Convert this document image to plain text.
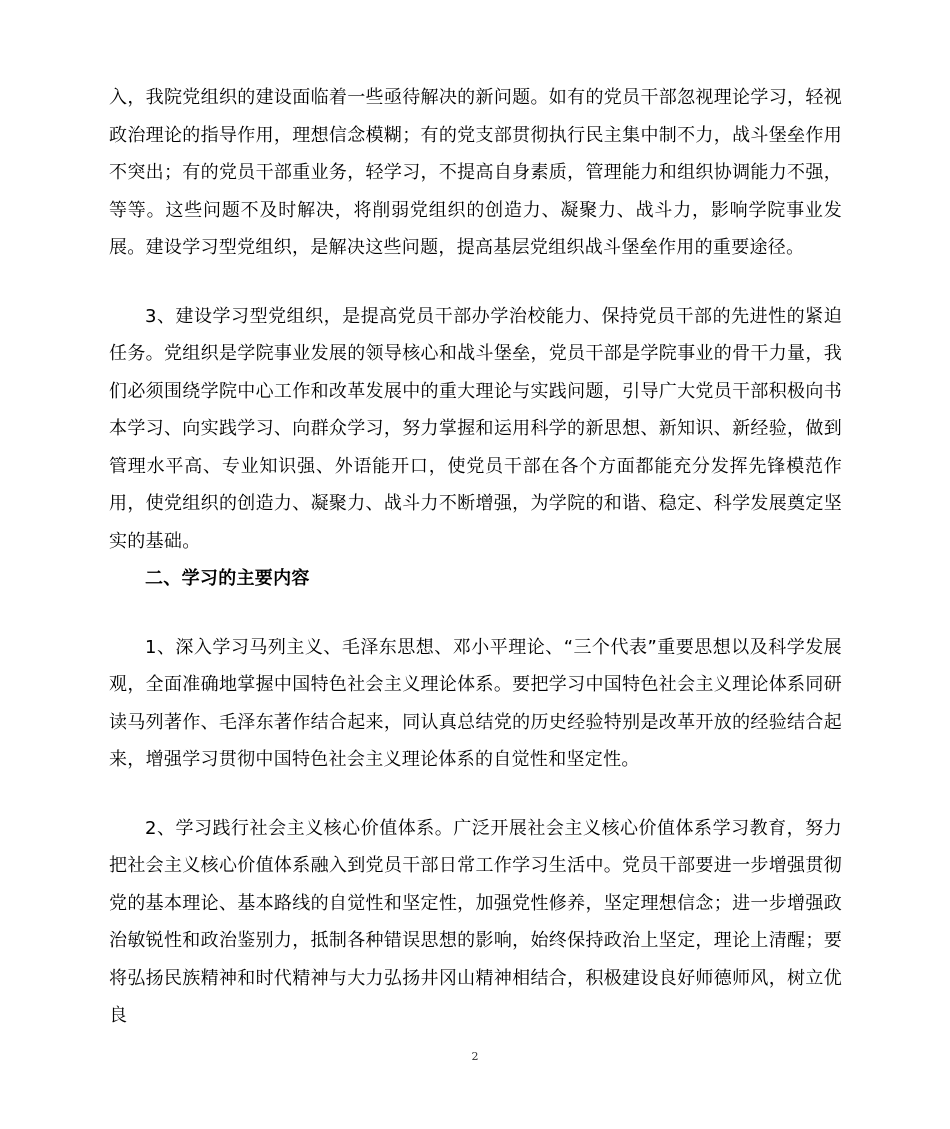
入，我院党组织的建设面临着一些亟待解决的新问题。如有的党员干部忽视理论学习，轻视政治理论的指导作用，理想信念模糊；有的党支部贯彻执行民主集中制不力，战斗堡垒作用不突出；有的党员干部重业务，轻学习，不提高自身素质，管理能力和组织协调能力不强，等等。这些问题不及时解决，将削弱党组织的创造力、凝聚力、战斗力，影响学院事业发展。建设学习型党组织，是解决这些问题，提高基层党组织战斗堡垒作用的重要途径。

3、建设学习型党组织，是提高党员干部办学治校能力、保持党员干部的先进性的紧迫任务。党组织是学院事业发展的领导核心和战斗堡垒，党员干部是学院事业的骨干力量，我们必须围绕学院中心工作和改革发展中的重大理论与实践问题，引导广大党员干部积极向书本学习、向实践学习、向群众学习，努力掌握和运用科学的新思想、新知识、新经验，做到管理水平高、专业知识强、外语能开口，使党员干部在各个方面都能充分发挥先锋模范作用，使党组织的创造力、凝聚力、战斗力不断增强，为学院的和谐、稳定、科学发展奠定坚实的基础。

二、学习的主要内容

1、深入学习马列主义、毛泽东思想、邓小平理论、“三个代表”重要思想以及科学发展观，全面准确地掌握中国特色社会主义理论体系。要把学习中国特色社会主义理论体系同研读马列著作、毛泽东著作结合起来，同认真总结党的历史经验特别是改革开放的经验结合起来，增强学习贯彻中国特色社会主义理论体系的自觉性和坚定性。

2、学习践行社会主义核心价值体系。广泛开展社会主义核心价值体系学习教育，努力把社会主义核心价值体系融入到党员干部日常工作学习生活中。党员干部要进一步增强贯彻党的基本理论、基本路线的自觉性和坚定性，加强党性修养，坚定理想信念；进一步增强政治敏锐性和政治鉴别力，抵制各种错误思想的影响，始终保持政治上坚定，理论上清醒；要将弘扬民族精神和时代精神与大力弘扬井冈山精神相结合，积极建设良好师德师风，树立优良

2
